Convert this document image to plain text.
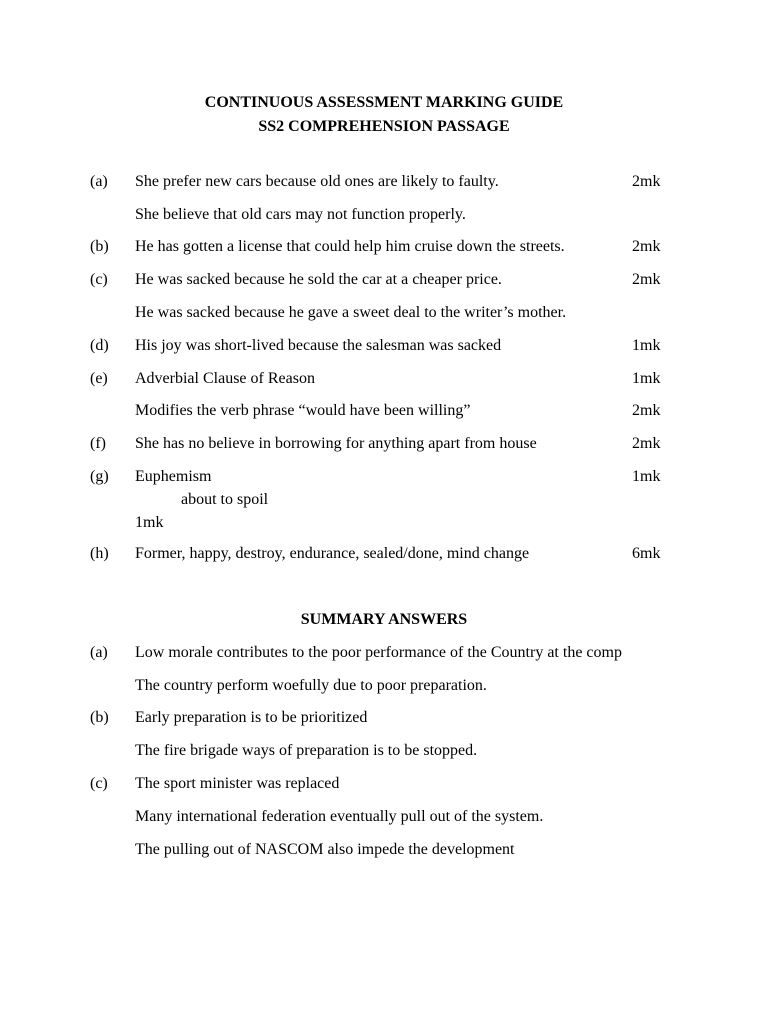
CONTINUOUS ASSESSMENT MARKING GUIDE
SS2 COMPREHENSION PASSAGE
(a) She prefer new cars because old ones are likely to faulty.	2mk
She believe that old cars may not function properly.
(b) He has gotten a license that could help him cruise down the streets.	2mk
(c) He was sacked because he sold the car at a cheaper price.	2mk
He was sacked because he gave a sweet deal to the writer’s mother.
(d) His joy was short-lived because the salesman was sacked	1mk
(e) Adverbial Clause of Reason	1mk
Modifies the verb phrase “would have been willing”	2mk
(f) She has no believe in borrowing for anything apart from house	2mk
(g) Euphemism	1mk
about to spoil
1mk
(h) Former, happy, destroy, endurance, sealed/done, mind change	6mk
SUMMARY ANSWERS
(a) Low morale contributes to the poor performance of the Country at the comp
The country perform woefully due to poor preparation.
(b) Early preparation is to be prioritized
The fire brigade ways of preparation is to be stopped.
(c) The sport minister was replaced
Many international federation eventually pull out of the system.
The pulling out of NASCOM also impede the development
